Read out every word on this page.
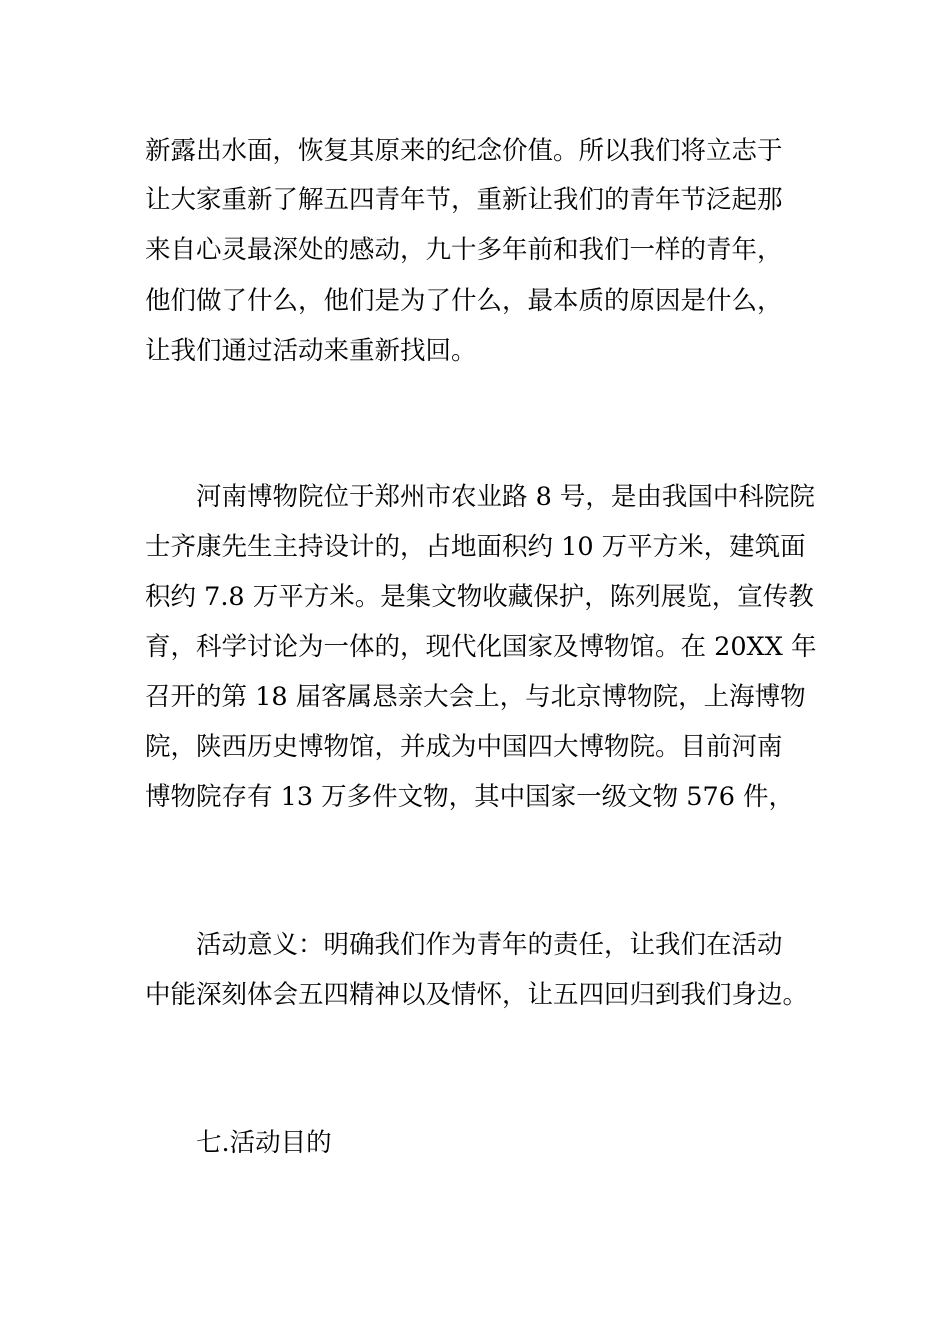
新露出水面，恢复其原来的纪念价值。所以我们将立志于
让大家重新了解五四青年节，重新让我们的青年节泛起那
来自心灵最深处的感动，九十多年前和我们一样的青年，
他们做了什么，他们是为了什么，最本质的原因是什么，
让我们通过活动来重新找回。
河南博物院位于郑州市农业路 8 号，是由我国中科院院
士齐康先生主持设计的，占地面积约 10 万平方米，建筑面
积约 7.8 万平方米。是集文物收藏保护，陈列展览，宣传教
育，科学讨论为一体的，现代化国家及博物馆。在 20XX 年
召开的第 18 届客属恳亲大会上，与北京博物院，上海博物
院，陕西历史博物馆，并成为中国四大博物院。目前河南
博物院存有 13 万多件文物，其中国家一级文物 576 件，
活动意义：明确我们作为青年的责任，让我们在活动
中能深刻体会五四精神以及情怀，让五四回归到我们身边。
七.活动目的
